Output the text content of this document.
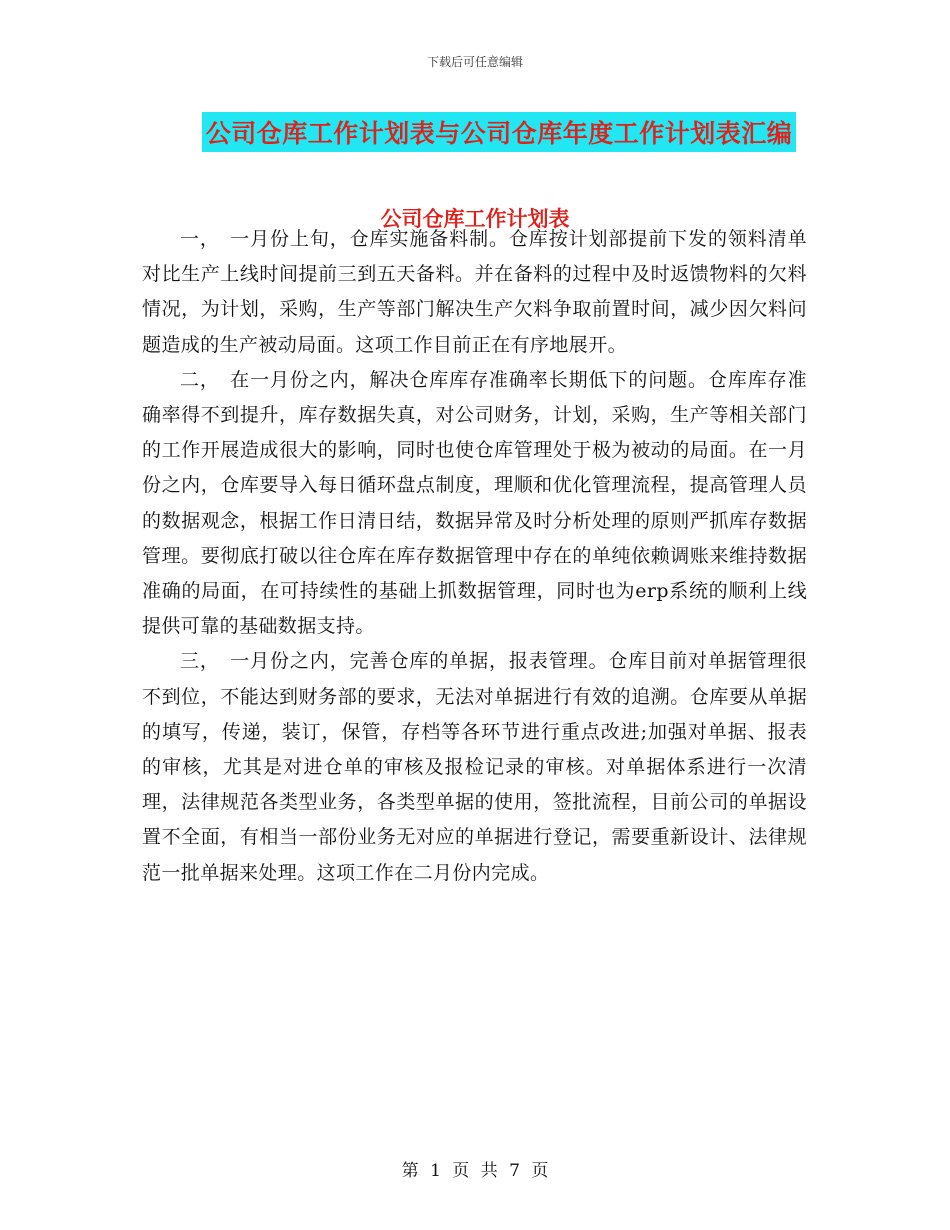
下载后可任意编辑
公司仓库工作计划表与公司仓库年度工作计划表汇编
公司仓库工作计划表

一，　一月份上旬，仓库实施备料制。仓库按计划部提前下发的领料清单对比生产上线时间提前三到五天备料。并在备料的过程中及时返馈物料的欠料情况，为计划，采购，生产等部门解决生产欠料争取前置时间，减少因欠料问题造成的生产被动局面。这项工作目前正在有序地展开。

二，　在一月份之内，解决仓库库存准确率长期低下的问题。仓库库存准确率得不到提升，库存数据失真，对公司财务，计划，采购，生产等相关部门的工作开展造成很大的影响，同时也使仓库管理处于极为被动的局面。在一月份之内，仓库要导入每日循环盘点制度，理顺和优化管理流程，提高管理人员的数据观念，根据工作日清日结，数据异常及时分析处理的原则严抓库存数据管理。要彻底打破以往仓库在库存数据管理中存在的单纯依赖调账来维持数据准确的局面，在可持续性的基础上抓数据管理，同时也为erp系统的顺利上线提供可靠的基础数据支持。

三，　一月份之内，完善仓库的单据，报表管理。仓库目前对单据管理很不到位，不能达到财务部的要求，无法对单据进行有效的追溯。仓库要从单据的填写，传递，装订，保管，存档等各环节进行重点改进;加强对单据、报表的审核，尤其是对进仓单的审核及报检记录的审核。对单据体系进行一次清理，法律规范各类型业务，各类型单据的使用，签批流程，目前公司的单据设置不全面，有相当一部份业务无对应的单据进行登记，需要重新设计、法律规范一批单据来处理。这项工作在二月份内完成。

第 1 页 共 7 页
